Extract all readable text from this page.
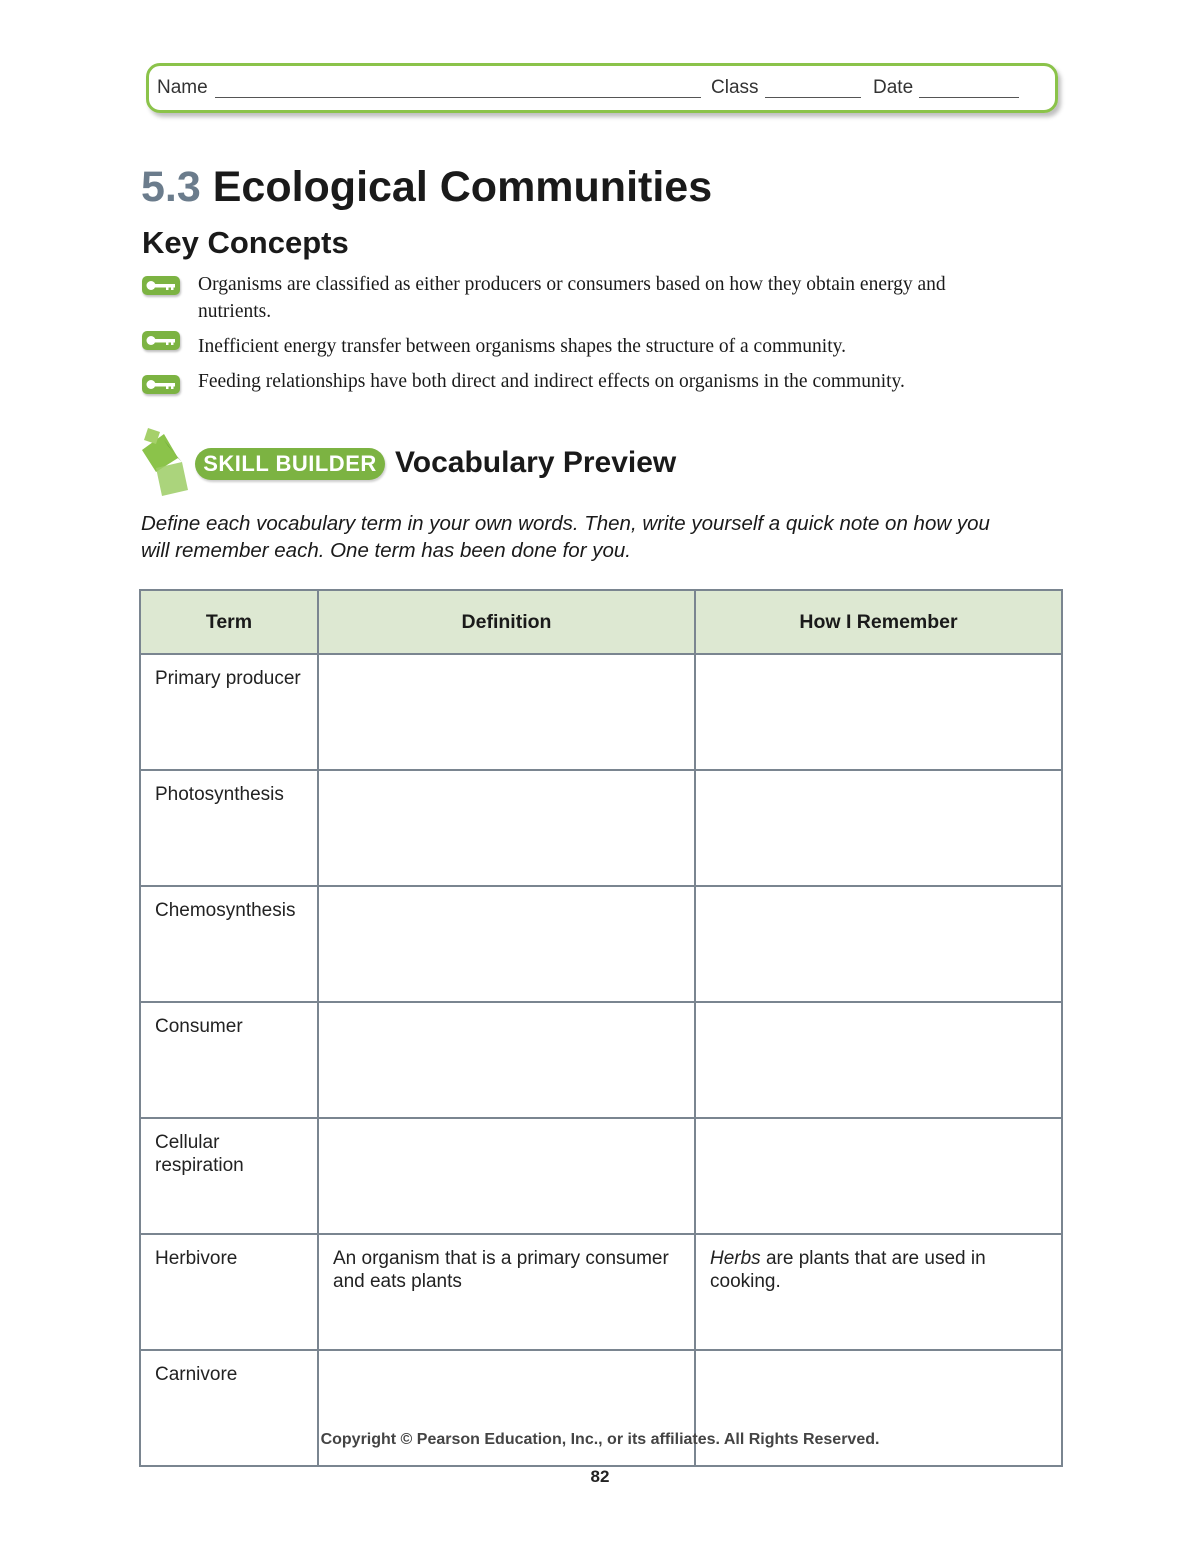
Name	Class	Date
5.3 Ecological Communities
Key Concepts
Organisms are classified as either producers or consumers based on how they obtain energy and nutrients.
Inefficient energy transfer between organisms shapes the structure of a community.
Feeding relationships have both direct and indirect effects on organisms in the community.
SKILL BUILDER Vocabulary Preview
Define each vocabulary term in your own words. Then, write yourself a quick note on how you will remember each. One term has been done for you.
Term	Definition	How I Remember
Primary producer		
Photosynthesis		
Chemosynthesis		
Consumer		
Cellular respiration		
Herbivore	An organism that is a primary consumer and eats plants	Herbs are plants that are used in cooking.
Carnivore		
Copyright © Pearson Education, Inc., or its affiliates. All Rights Reserved.
82
